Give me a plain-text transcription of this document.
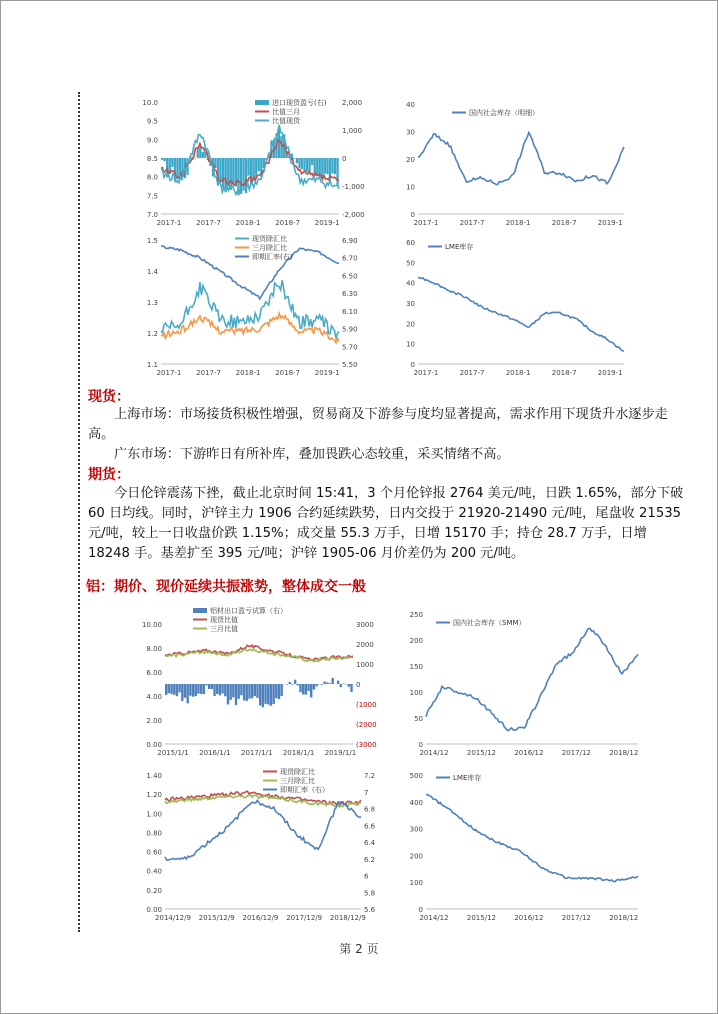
10.0
9.5
9.0
8.5
8.0
7.5
7.0
2,000
1,000
0
-1,000
-2,000
2017-1 2017-7 2018-1 2018-7 2019-1
进口现货盈亏(右)
比值三月
比值现货
40
30
20
10
0
2017-1	2017-7	2018-1	2018-7	2019-1
国内社会库存（明细）
1.5
1.4
1.3
1.2
1.1
6.90
6.70
6.50
6.30
6.10
5.90
5.70
5.50
2017-1 2017-7 2018-1 2018-7 2019-1
现货除汇比
三月除汇比
即期汇率(右)
60
50
40
30
20
10
0
2017-1	2017-7	2018-1	2018-7	2019-1
LME库存
现货：
上海市场：市场接货积极性增强，贸易商及下游参与度均显著提高，需求作用下现货升水逐步走高。
广东市场：下游昨日有所补库，叠加畏跌心态较重，采买情绪不高。
期货：
今日伦锌震荡下挫，截止北京时间 15:41，3 个月伦锌报 2764 美元/吨，日跌 1.65%，部分下破 60 日均线。同时，沪锌主力 1906 合约延续跌势，日内交投于 21920-21490 元/吨，尾盘收 21535 元/吨，较上一日收盘价跌 1.15%；成交量 55.3 万手，日增 15170 手；持仓 28.7 万手，日增 18248 手。基差扩至 395 元/吨；沪锌 1905-06 月价差仍为 200 元/吨。
铝：期价、现价延续共振涨势，整体成交一般
10.00
8.00
6.00
4.00
2.00
0.00
3000
2000
1000
0
(1000
(2000
(3000
2015/1/1 2016/1/1 2017/1/1 2018/1/1 2019/1/1
铝材出口盈亏试算（右）
现货比值
三月比值
250
200
150
100
50
0
2014/12	2015/12	2016/12	2017/12	2018/12
国内社会库存（SMM）
1.40
1.20
1.00
0.80
0.60
0.40
0.20
0.00
7.2
7
6.8
6.6
6.4
6.2
6
5.8
5.6
2014/12/9 2015/12/9 2016/12/9 2017/12/9 2018/12/9
现货除汇比
三月除汇比
即期汇率（右）
500
400
300
200
100
0
2014/12	2015/12	2016/12	2017/12	2018/12
LME库存
第 2 页
